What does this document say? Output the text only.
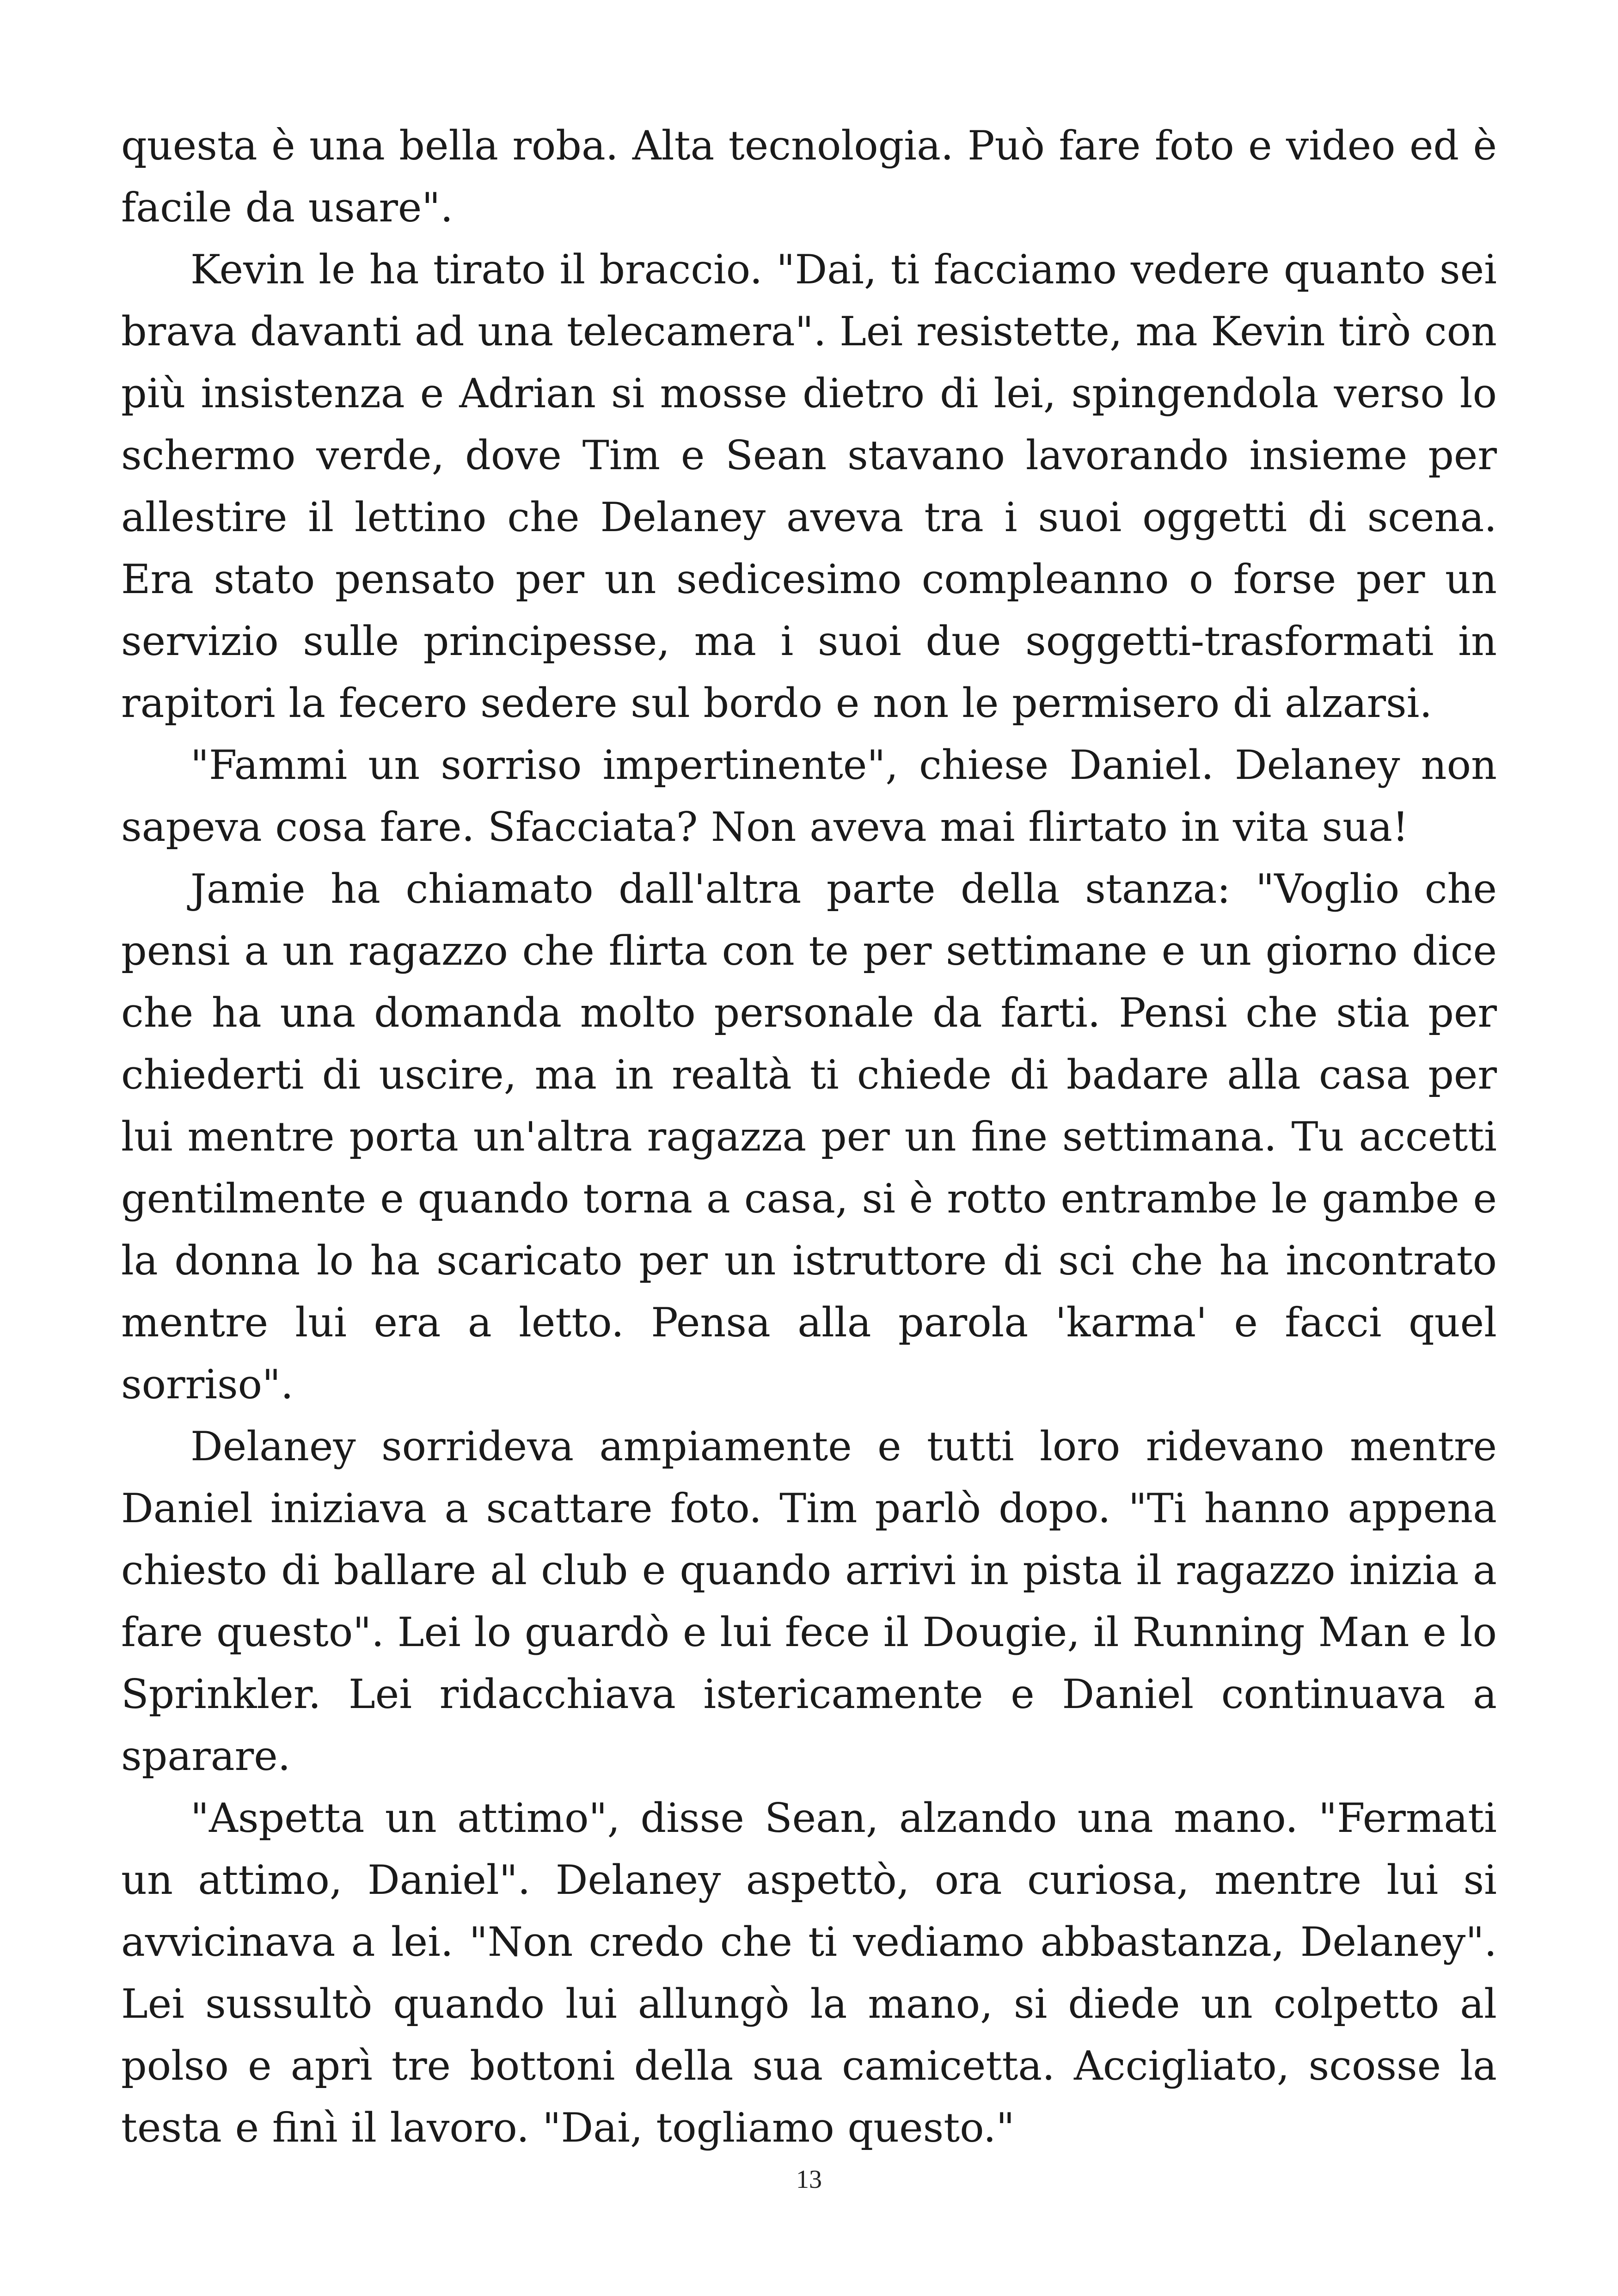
questa è una bella roba. Alta tecnologia. Può fare foto e video ed è facile da usare".

Kevin le ha tirato il braccio. "Dai, ti facciamo vedere quanto sei brava davanti ad una telecamera". Lei resistette, ma Kevin tirò con più insistenza e Adrian si mosse dietro di lei, spingendola verso lo schermo verde, dove Tim e Sean stavano lavorando insieme per allestire il lettino che Delaney aveva tra i suoi oggetti di scena. Era stato pensato per un sedicesimo compleanno o forse per un servizio sulle principesse, ma i suoi due soggetti-trasformati in rapitori la fecero sedere sul bordo e non le permisero di alzarsi.

"Fammi un sorriso impertinente", chiese Daniel. Delaney non sapeva cosa fare. Sfacciata? Non aveva mai flirtato in vita sua!

Jamie ha chiamato dall'altra parte della stanza: "Voglio che pensi a un ragazzo che flirta con te per settimane e un giorno dice che ha una domanda molto personale da farti. Pensi che stia per chiederti di uscire, ma in realtà ti chiede di badare alla casa per lui mentre porta un'altra ragazza per un fine settimana. Tu accetti gentilmente e quando torna a casa, si è rotto entrambe le gambe e la donna lo ha scaricato per un istruttore di sci che ha incontrato mentre lui era a letto. Pensa alla parola 'karma' e facci quel sorriso".

Delaney sorrideva ampiamente e tutti loro ridevano mentre Daniel iniziava a scattare foto. Tim parlò dopo. "Ti hanno appena chiesto di ballare al club e quando arrivi in pista il ragazzo inizia a fare questo". Lei lo guardò e lui fece il Dougie, il Running Man e lo Sprinkler. Lei ridacchiava istericamente e Daniel continuava a sparare.

"Aspetta un attimo", disse Sean, alzando una mano. "Fermati un attimo, Daniel". Delaney aspettò, ora curiosa, mentre lui si avvicinava a lei. "Non credo che ti vediamo abbastanza, Delaney". Lei sussultò quando lui allungò la mano, si diede un colpetto al polso e aprì tre bottoni della sua camicetta. Accigliato, scosse la testa e finì il lavoro. "Dai, togliamo questo."

13
